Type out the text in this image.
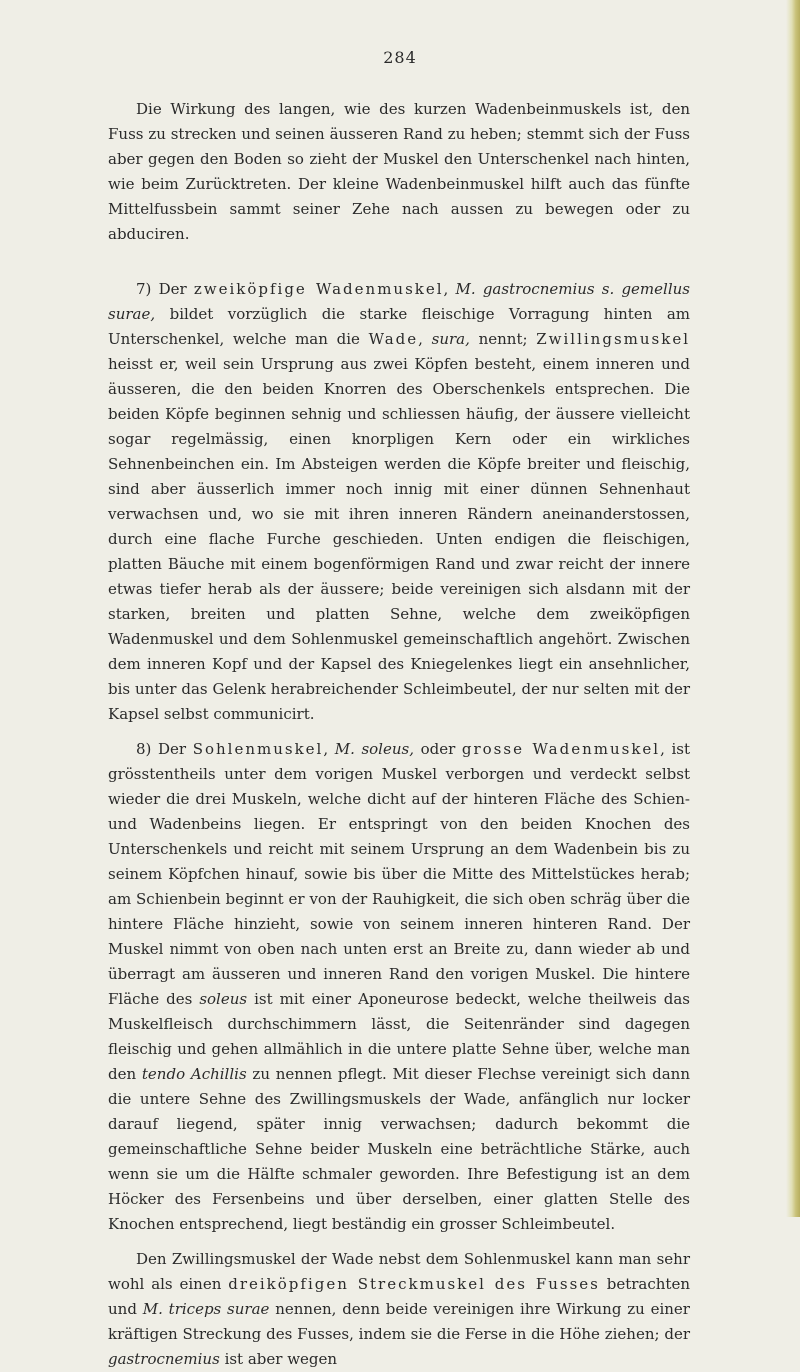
284

Die Wirkung des langen, wie des kurzen Wadenbeinmuskels ist, den Fuss zu strecken und seinen äusseren Rand zu heben; stemmt sich der Fuss aber gegen den Boden so zieht der Muskel den Unterschenkel nach hinten, wie beim Zurücktreten. Der kleine Wadenbeinmuskel hilft auch das fünfte Mittelfussbein sammt seiner Zehe nach aussen zu bewegen oder zu abduciren.

7) Der zweiköpfige Wadenmuskel, M. gastrocnemius s. gemellus surae, bildet vorzüglich die starke fleischige Vorragung hinten am Unterschenkel, welche man die Wade, sura, nennt; Zwillingsmuskel heisst er, weil sein Ursprung aus zwei Köpfen besteht, einem inneren und äusseren, die den beiden Knorren des Oberschenkels entsprechen. Die beiden Köpfe beginnen sehnig und schliessen häufig, der äussere vielleicht sogar regelmässig, einen knorpligen Kern oder ein wirkliches Sehnenbeinchen ein. Im Absteigen werden die Köpfe breiter und fleischig, sind aber äusserlich immer noch innig mit einer dünnen Sehnenhaut verwachsen und, wo sie mit ihren inneren Rändern aneinanderstossen, durch eine flache Furche geschieden. Unten endigen die fleischigen, platten Bäuche mit einem bogenförmigen Rand und zwar reicht der innere etwas tiefer herab als der äussere; beide vereinigen sich alsdann mit der starken, breiten und platten Sehne, welche dem zweiköpfigen Wadenmuskel und dem Sohlenmuskel gemeinschaftlich angehört. Zwischen dem inneren Kopf und der Kapsel des Kniegelenkes liegt ein ansehnlicher, bis unter das Gelenk herabreichender Schleimbeutel, der nur selten mit der Kapsel selbst communicirt.

8) Der Sohlenmuskel, M. soleus, oder grosse Wadenmuskel, ist grösstentheils unter dem vorigen Muskel verborgen und verdeckt selbst wieder die drei Muskeln, welche dicht auf der hinteren Fläche des Schien- und Wadenbeins liegen. Er entspringt von den beiden Knochen des Unterschenkels und reicht mit seinem Ursprung an dem Wadenbein bis zu seinem Köpfchen hinauf, sowie bis über die Mitte des Mittelstückes herab; am Schienbein beginnt er von der Rauhigkeit, die sich oben schräg über die hintere Fläche hinzieht, sowie von seinem inneren hinteren Rand. Der Muskel nimmt von oben nach unten erst an Breite zu, dann wieder ab und überragt am äusseren und inneren Rand den vorigen Muskel. Die hintere Fläche des soleus ist mit einer Aponeurose bedeckt, welche theilweis das Muskelfleisch durchschimmern lässt, die Seitenränder sind dagegen fleischig und gehen allmählich in die untere platte Sehne über, welche man den tendo Achillis zu nennen pflegt. Mit dieser Flechse vereinigt sich dann die untere Sehne des Zwillingsmuskels der Wade, anfänglich nur locker darauf liegend, später innig verwachsen; dadurch bekommt die gemeinschaftliche Sehne beider Muskeln eine beträchtliche Stärke, auch wenn sie um die Hälfte schmaler geworden. Ihre Befestigung ist an dem Höcker des Fersenbeins und über derselben, einer glatten Stelle des Knochen entsprechend, liegt beständig ein grosser Schleimbeutel.

Den Zwillingsmuskel der Wade nebst dem Sohlenmuskel kann man sehr wohl als einen dreiköpfigen Streckmuskel des Fusses betrachten und M. triceps surae nennen, denn beide vereinigen ihre Wirkung zu einer kräftigen Streckung des Fusses, indem sie die Ferse in die Höhe ziehen; der gastrocnemius ist aber wegen
